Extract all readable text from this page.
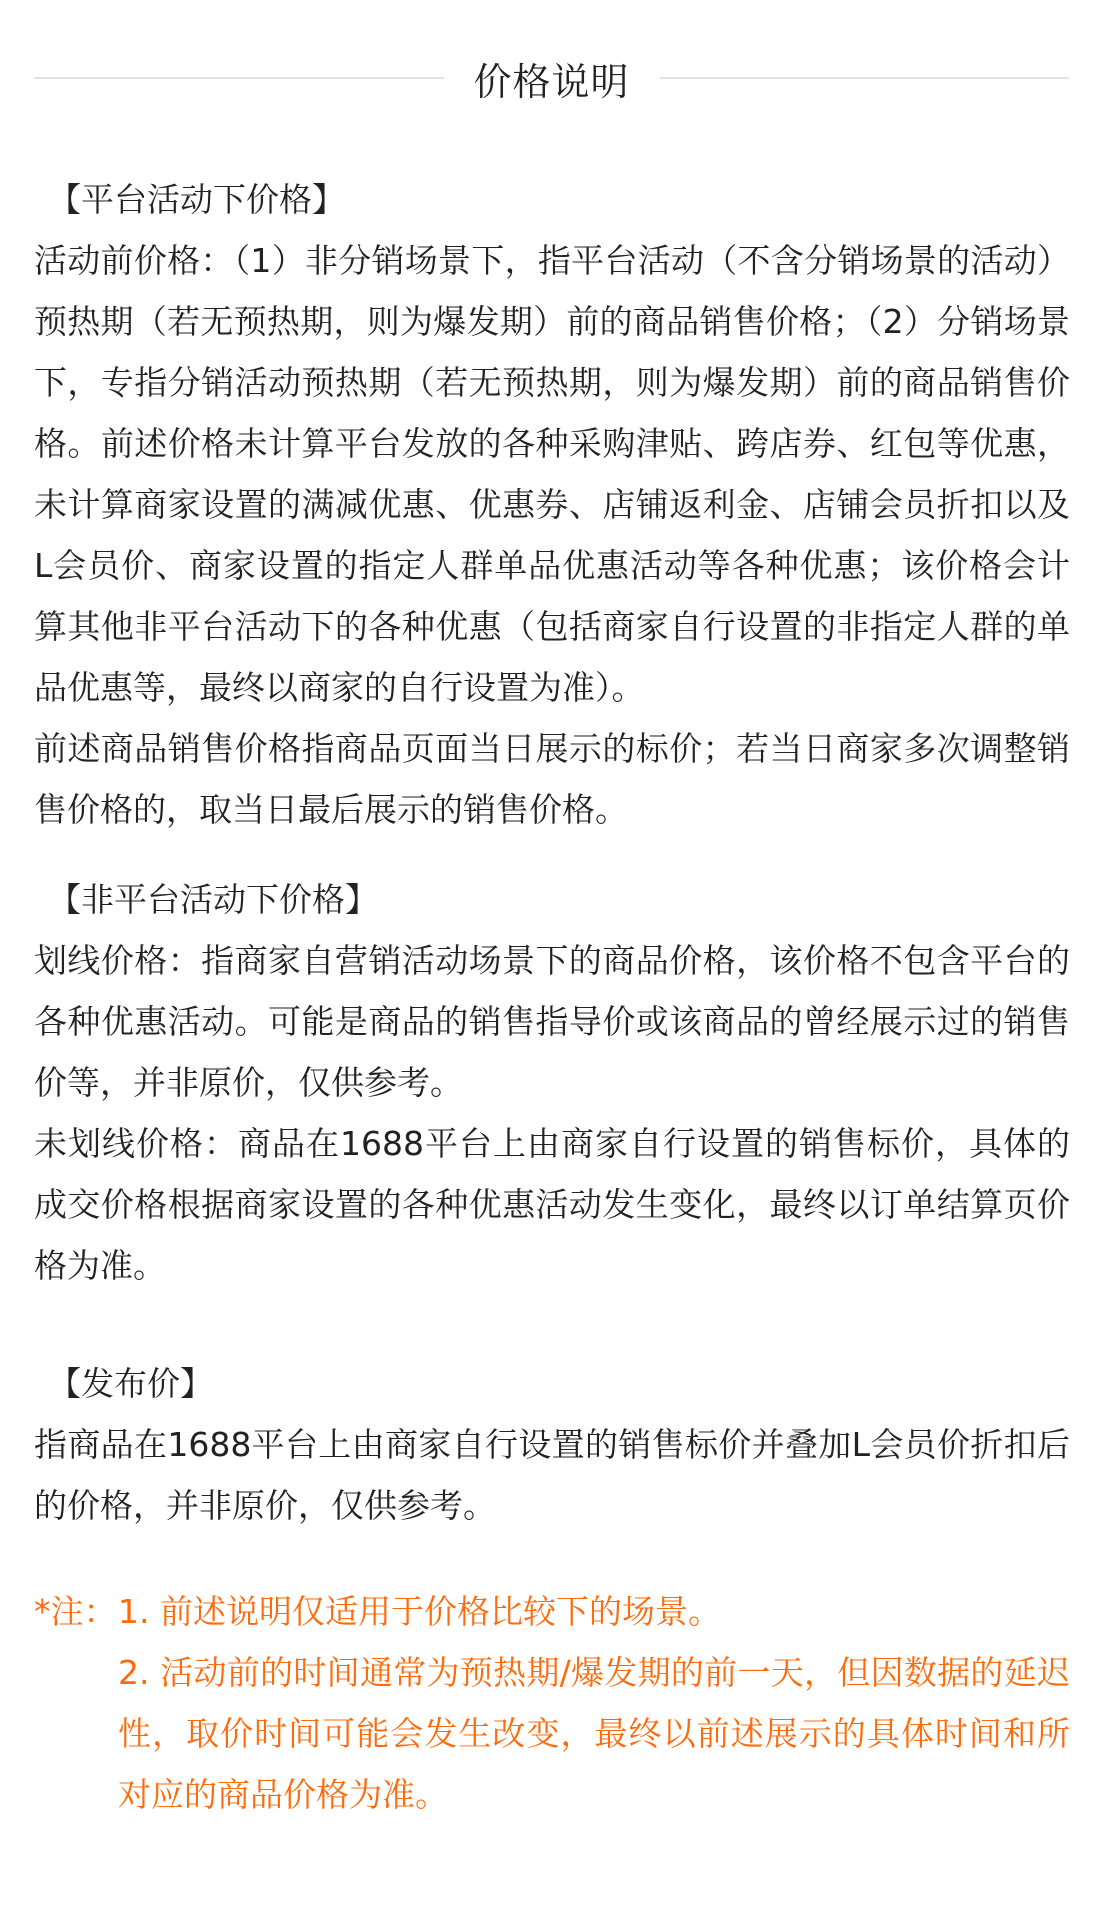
价格说明
【平台活动下价格】
活动前价格：（1）非分销场景下，指平台活动（不含分销场景的活动）预热期（若无预热期，则为爆发期）前的商品销售价格；（2）分销场景下，专指分销活动预热期（若无预热期，则为爆发期）前的商品销售价格。前述价格未计算平台发放的各种采购津贴、跨店券、红包等优惠，未计算商家设置的满减优惠、优惠券、店铺返利金、店铺会员折扣以及L会员价、商家设置的指定人群单品优惠活动等各种优惠；该价格会计算其他非平台活动下的各种优惠（包括商家自行设置的非指定人群的单品优惠等，最终以商家的自行设置为准）。
前述商品销售价格指商品页面当日展示的标价；若当日商家多次调整销售价格的，取当日最后展示的销售价格。
【非平台活动下价格】
划线价格：指商家自营销活动场景下的商品价格，该价格不包含平台的各种优惠活动。可能是商品的销售指导价或该商品的曾经展示过的销售价等，并非原价，仅供参考。
未划线价格：商品在1688平台上由商家自行设置的销售标价，具体的成交价格根据商家设置的各种优惠活动发生变化，最终以订单结算页价格为准。
【发布价】
指商品在1688平台上由商家自行设置的销售标价并叠加L会员价折扣后的价格，并非原价，仅供参考。
*注： 1. 前述说明仅适用于价格比较下的场景。
2. 活动前的时间通常为预热期/爆发期的前一天，但因数据的延迟性，取价时间可能会发生改变，最终以前述展示的具体时间和所对应的商品价格为准。
